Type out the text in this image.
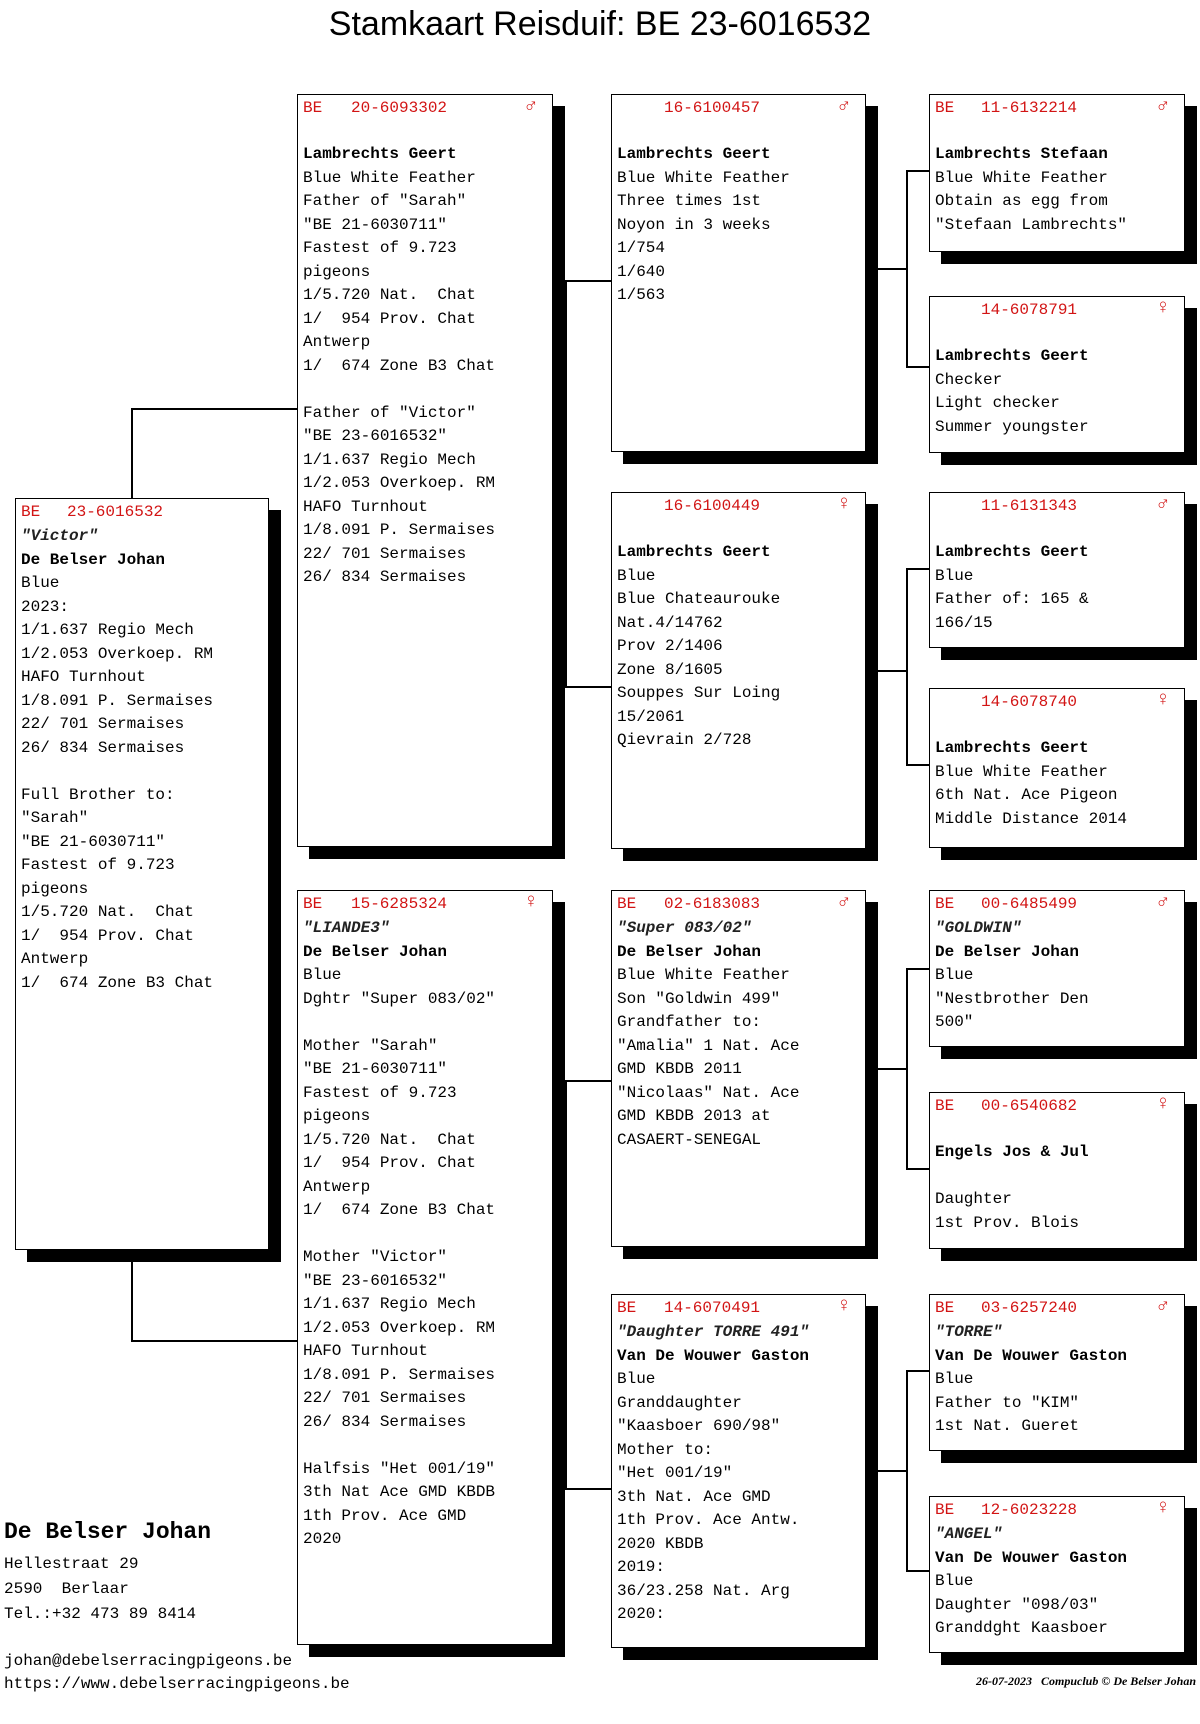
Stamkaart Reisduif: BE 23-6016532
BE 23-6016532
"Victor"
De Belser Johan
Blue
2023:
1/1.637 Regio Mech
1/2.053 Overkoep. RM
HAFO Turnhout
1/8.091 P. Sermaises
22/ 701 Sermaises
26/ 834 Sermaises
Full Brother to:
"Sarah"
"BE 21-6030711"
Fastest of 9.723
pigeons
1/5.720 Nat.  Chat
1/  954 Prov. Chat
Antwerp
1/  674 Zone B3 Chat
BE 20-6093302	♂
Lambrechts Geert
Blue White Feather
Father of "Sarah"
"BE 21-6030711"
Fastest of 9.723
pigeons
1/5.720 Nat.  Chat
1/  954 Prov. Chat
Antwerp
1/  674 Zone B3 Chat
Father of "Victor"
"BE 23-6016532"
1/1.637 Regio Mech
1/2.053 Overkoep. RM
HAFO Turnhout
1/8.091 P. Sermaises
22/ 701 Sermaises
26/ 834 Sermaises
BE 15-6285324	♀
"LIANDE3"
De Belser Johan
Blue
Dghtr "Super 083/02"
Mother "Sarah"
"BE 21-6030711"
Fastest of 9.723
pigeons
1/5.720 Nat.  Chat
1/  954 Prov. Chat
Antwerp
1/  674 Zone B3 Chat
Mother "Victor"
"BE 23-6016532"
1/1.637 Regio Mech
1/2.053 Overkoep. RM
HAFO Turnhout
1/8.091 P. Sermaises
22/ 701 Sermaises
26/ 834 Sermaises
Halfsis "Het 001/19"
3th Nat Ace GMD KBDB
1th Prov. Ace GMD
2020
16-6100457	♂
Lambrechts Geert
Blue White Feather
Three times 1st
Noyon in 3 weeks
1/754
1/640
1/563
16-6100449	♀
Lambrechts Geert
Blue
Blue Chateaurouke
Nat.4/14762
Prov 2/1406
Zone 8/1605
Souppes Sur Loing
15/2061
Qievrain 2/728
BE 02-6183083	♂
"Super 083/02"
De Belser Johan
Blue White Feather
Son "Goldwin 499"
Grandfather to:
"Amalia" 1 Nat. Ace
GMD KBDB 2011
"Nicolaas" Nat. Ace
GMD KBDB 2013 at
CASAERT-SENEGAL
BE 14-6070491	♀
"Daughter TORRE 491"
Van De Wouwer Gaston
Blue
Granddaughter
"Kaasboer 690/98"
Mother to:
"Het 001/19"
3th Nat. Ace GMD
1th Prov. Ace Antw.
2020 KBDB
2019:
36/23.258 Nat. Arg
2020:
BE 11-6132214	♂
Lambrechts Stefaan
Blue White Feather
Obtain as egg from
"Stefaan Lambrechts"
14-6078791	♀
Lambrechts Geert
Checker
Light checker
Summer youngster
11-6131343	♂
Lambrechts Geert
Blue
Father of: 165 &
166/15
14-6078740	♀
Lambrechts Geert
Blue White Feather
6th Nat. Ace Pigeon
Middle Distance 2014
BE 00-6485499	♂
"GOLDWIN"
De Belser Johan
Blue
"Nestbrother Den
500"
BE 00-6540682	♀
Engels Jos & Jul
Daughter
1st Prov. Blois
BE 03-6257240	♂
"TORRE"
Van De Wouwer Gaston
Blue
Father to "KIM"
1st Nat. Gueret
BE 12-6023228	♀
"ANGEL"
Van De Wouwer Gaston
Blue
Daughter "098/03"
Granddght Kaasboer
De Belser Johan
Hellestraat 29
2590  Berlaar
Tel.:+32 473 89 8414
johan@debelserracingpigeons.be
https://www.debelserracingpigeons.be	26-07-2023   Compuclub © De Belser Johan
